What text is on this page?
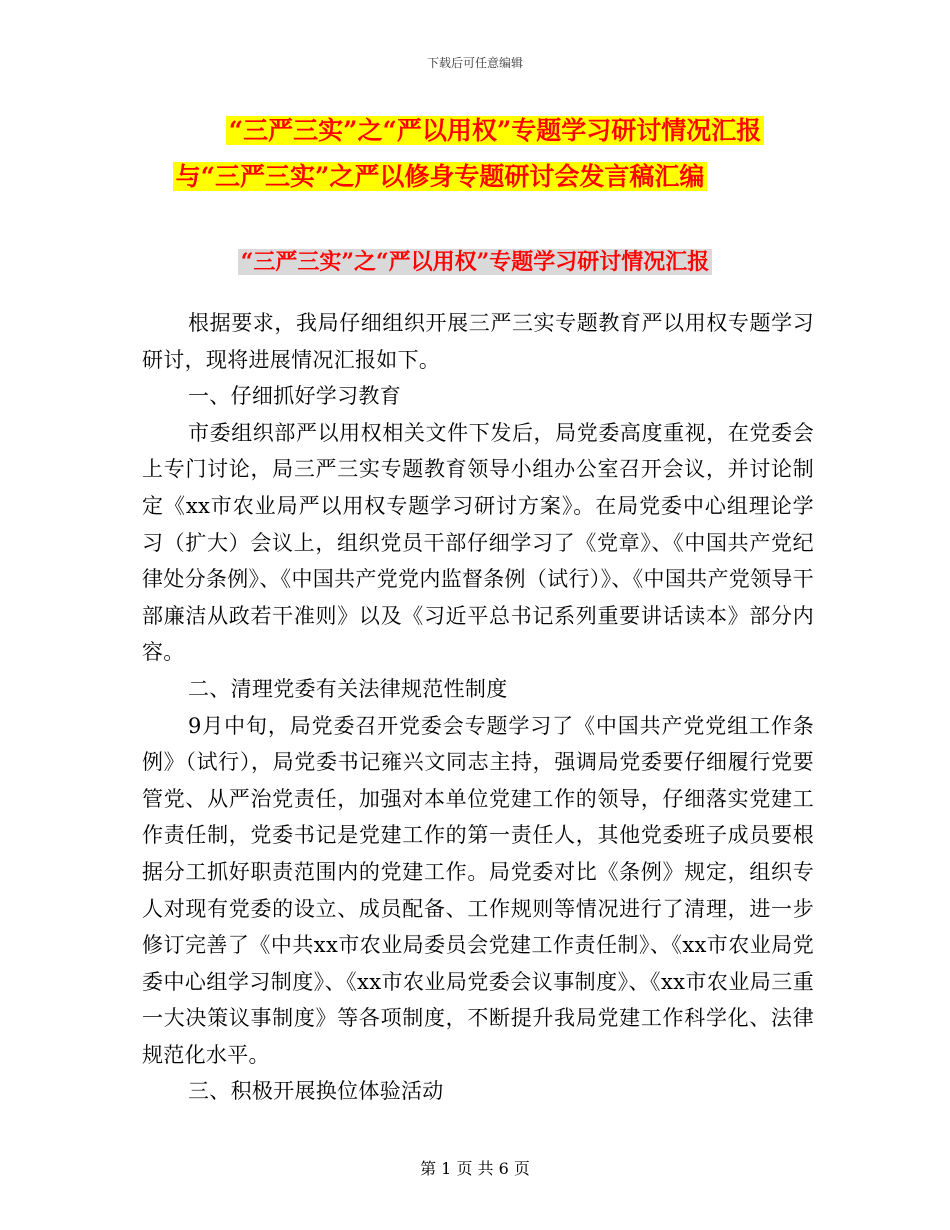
下载后可任意编辑
“三严三实”之“严以用权”专题学习研讨情况汇报
与“三严三实”之严以修身专题研讨会发言稿汇编
“三严三实”之“严以用权”专题学习研讨情况汇报

根据要求，我局仔细组织开展三严三实专题教育严以用权专题学习研讨，现将进展情况汇报如下。

一、仔细抓好学习教育

市委组织部严以用权相关文件下发后，局党委高度重视，在党委会上专门讨论，局三严三实专题教育领导小组办公室召开会议，并讨论制定《xx市农业局严以用权专题学习研讨方案》。在局党委中心组理论学习（扩大）会议上，组织党员干部仔细学习了《党章》、《中国共产党纪律处分条例》、《中国共产党党内监督条例（试行）》、《中国共产党领导干部廉洁从政若干准则》以及《习近平总书记系列重要讲话读本》部分内容。

二、清理党委有关法律规范性制度

9月中旬，局党委召开党委会专题学习了《中国共产党党组工作条例》（试行），局党委书记雍兴文同志主持，强调局党委要仔细履行党要管党、从严治党责任，加强对本单位党建工作的领导，仔细落实党建工作责任制，党委书记是党建工作的第一责任人，其他党委班子成员要根据分工抓好职责范围内的党建工作。局党委对比《条例》规定，组织专人对现有党委的设立、成员配备、工作规则等情况进行了清理，进一步修订完善了《中共xx市农业局委员会党建工作责任制》、《xx市农业局党委中心组学习制度》、《xx市农业局党委会议事制度》、《xx市农业局三重一大决策议事制度》等各项制度，不断提升我局党建工作科学化、法律规范化水平。

三、积极开展换位体验活动

第 1 页 共 6 页
